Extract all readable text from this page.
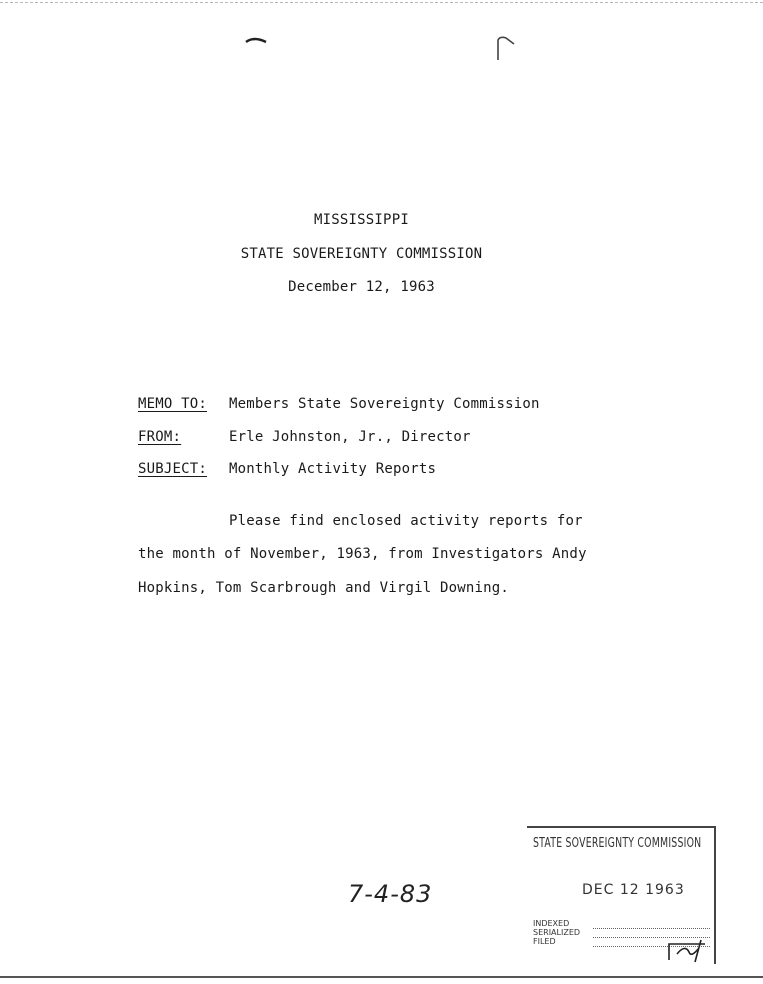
MISSISSIPPI
STATE SOVEREIGNTY COMMISSION
December 12, 1963
MEMO TO: Members State Sovereignty Commission
FROM:	Erle Johnston, Jr., Director
SUBJECT: Monthly Activity Reports
Please find enclosed activity reports for
the month of November, 1963, from Investigators Andy
Hopkins, Tom Scarbrough and Virgil Downing.
7-4-83
STATE SOVEREIGNTY COMMISSION
DEC 12 1963
INDEXED
SERIALIZED
FILED
